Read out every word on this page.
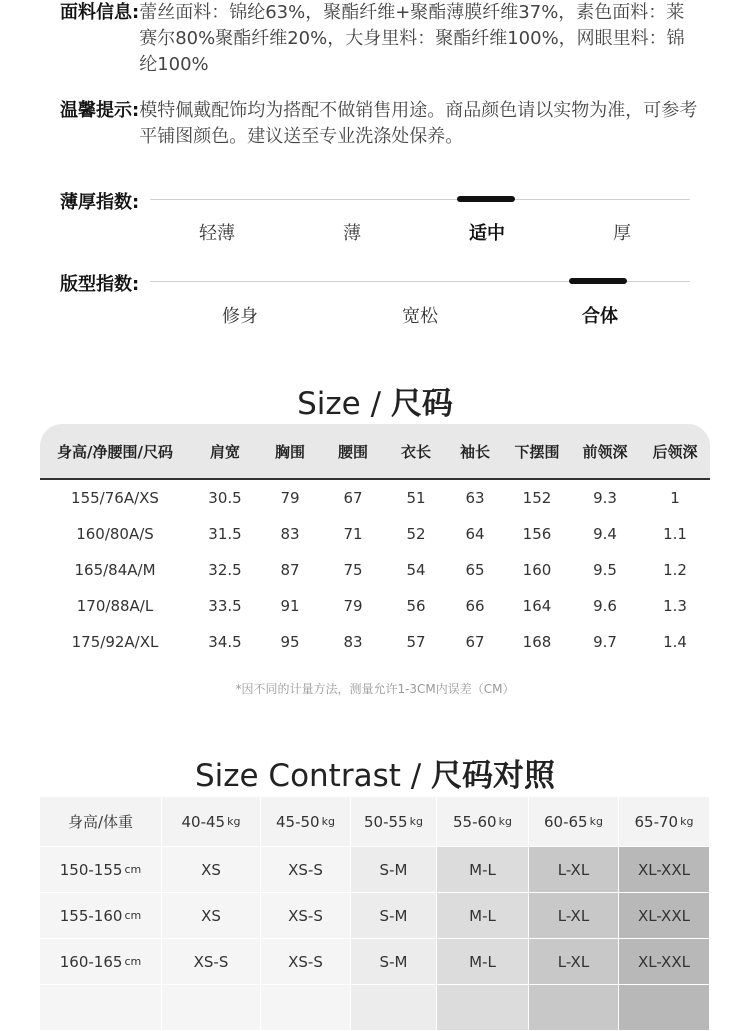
面料信息: 蕾丝面料：锦纶63%，聚酯纤维+聚酯薄膜纤维37%，素色面料：莱赛尔80%聚酯纤维20%，大身里料：聚酯纤维100%，网眼里料：锦纶100%
温馨提示: 模特佩戴配饰均为搭配不做销售用途。商品颜色请以实物为准，可参考平铺图颜色。建议送至专业洗涤处保养。
薄厚指数:
轻薄	薄	适中	厚
版型指数:
修身	宽松	合体
Size / 尺码
身高/净腰围/尺码	肩宽	胸围	腰围	衣长	袖长	下摆围	前领深	后领深
155/76A/XS	30.5	79	67	51	63	152	9.3	1
160/80A/S	31.5	83	71	52	64	156	9.4	1.1
165/84A/M	32.5	87	75	54	65	160	9.5	1.2
170/88A/L	33.5	91	79	56	66	164	9.6	1.3
175/92A/XL	34.5	95	83	57	67	168	9.7	1.4
*因不同的计量方法，测量允许1-3CM内误差（CM）
Size Contrast / 尺码对照
身高/体重	40-45 kg 45-50 kg 50-55 kg 55-60 kg 60-65 kg 65-70 kg
150-155 cm	XS	XS-S	S-M	M-L	L-XL	XL-XXL
155-160 cm	XS	XS-S	S-M	M-L	L-XL	XL-XXL
160-165 cm	XS-S	XS-S	S-M	M-L	L-XL	XL-XXL
